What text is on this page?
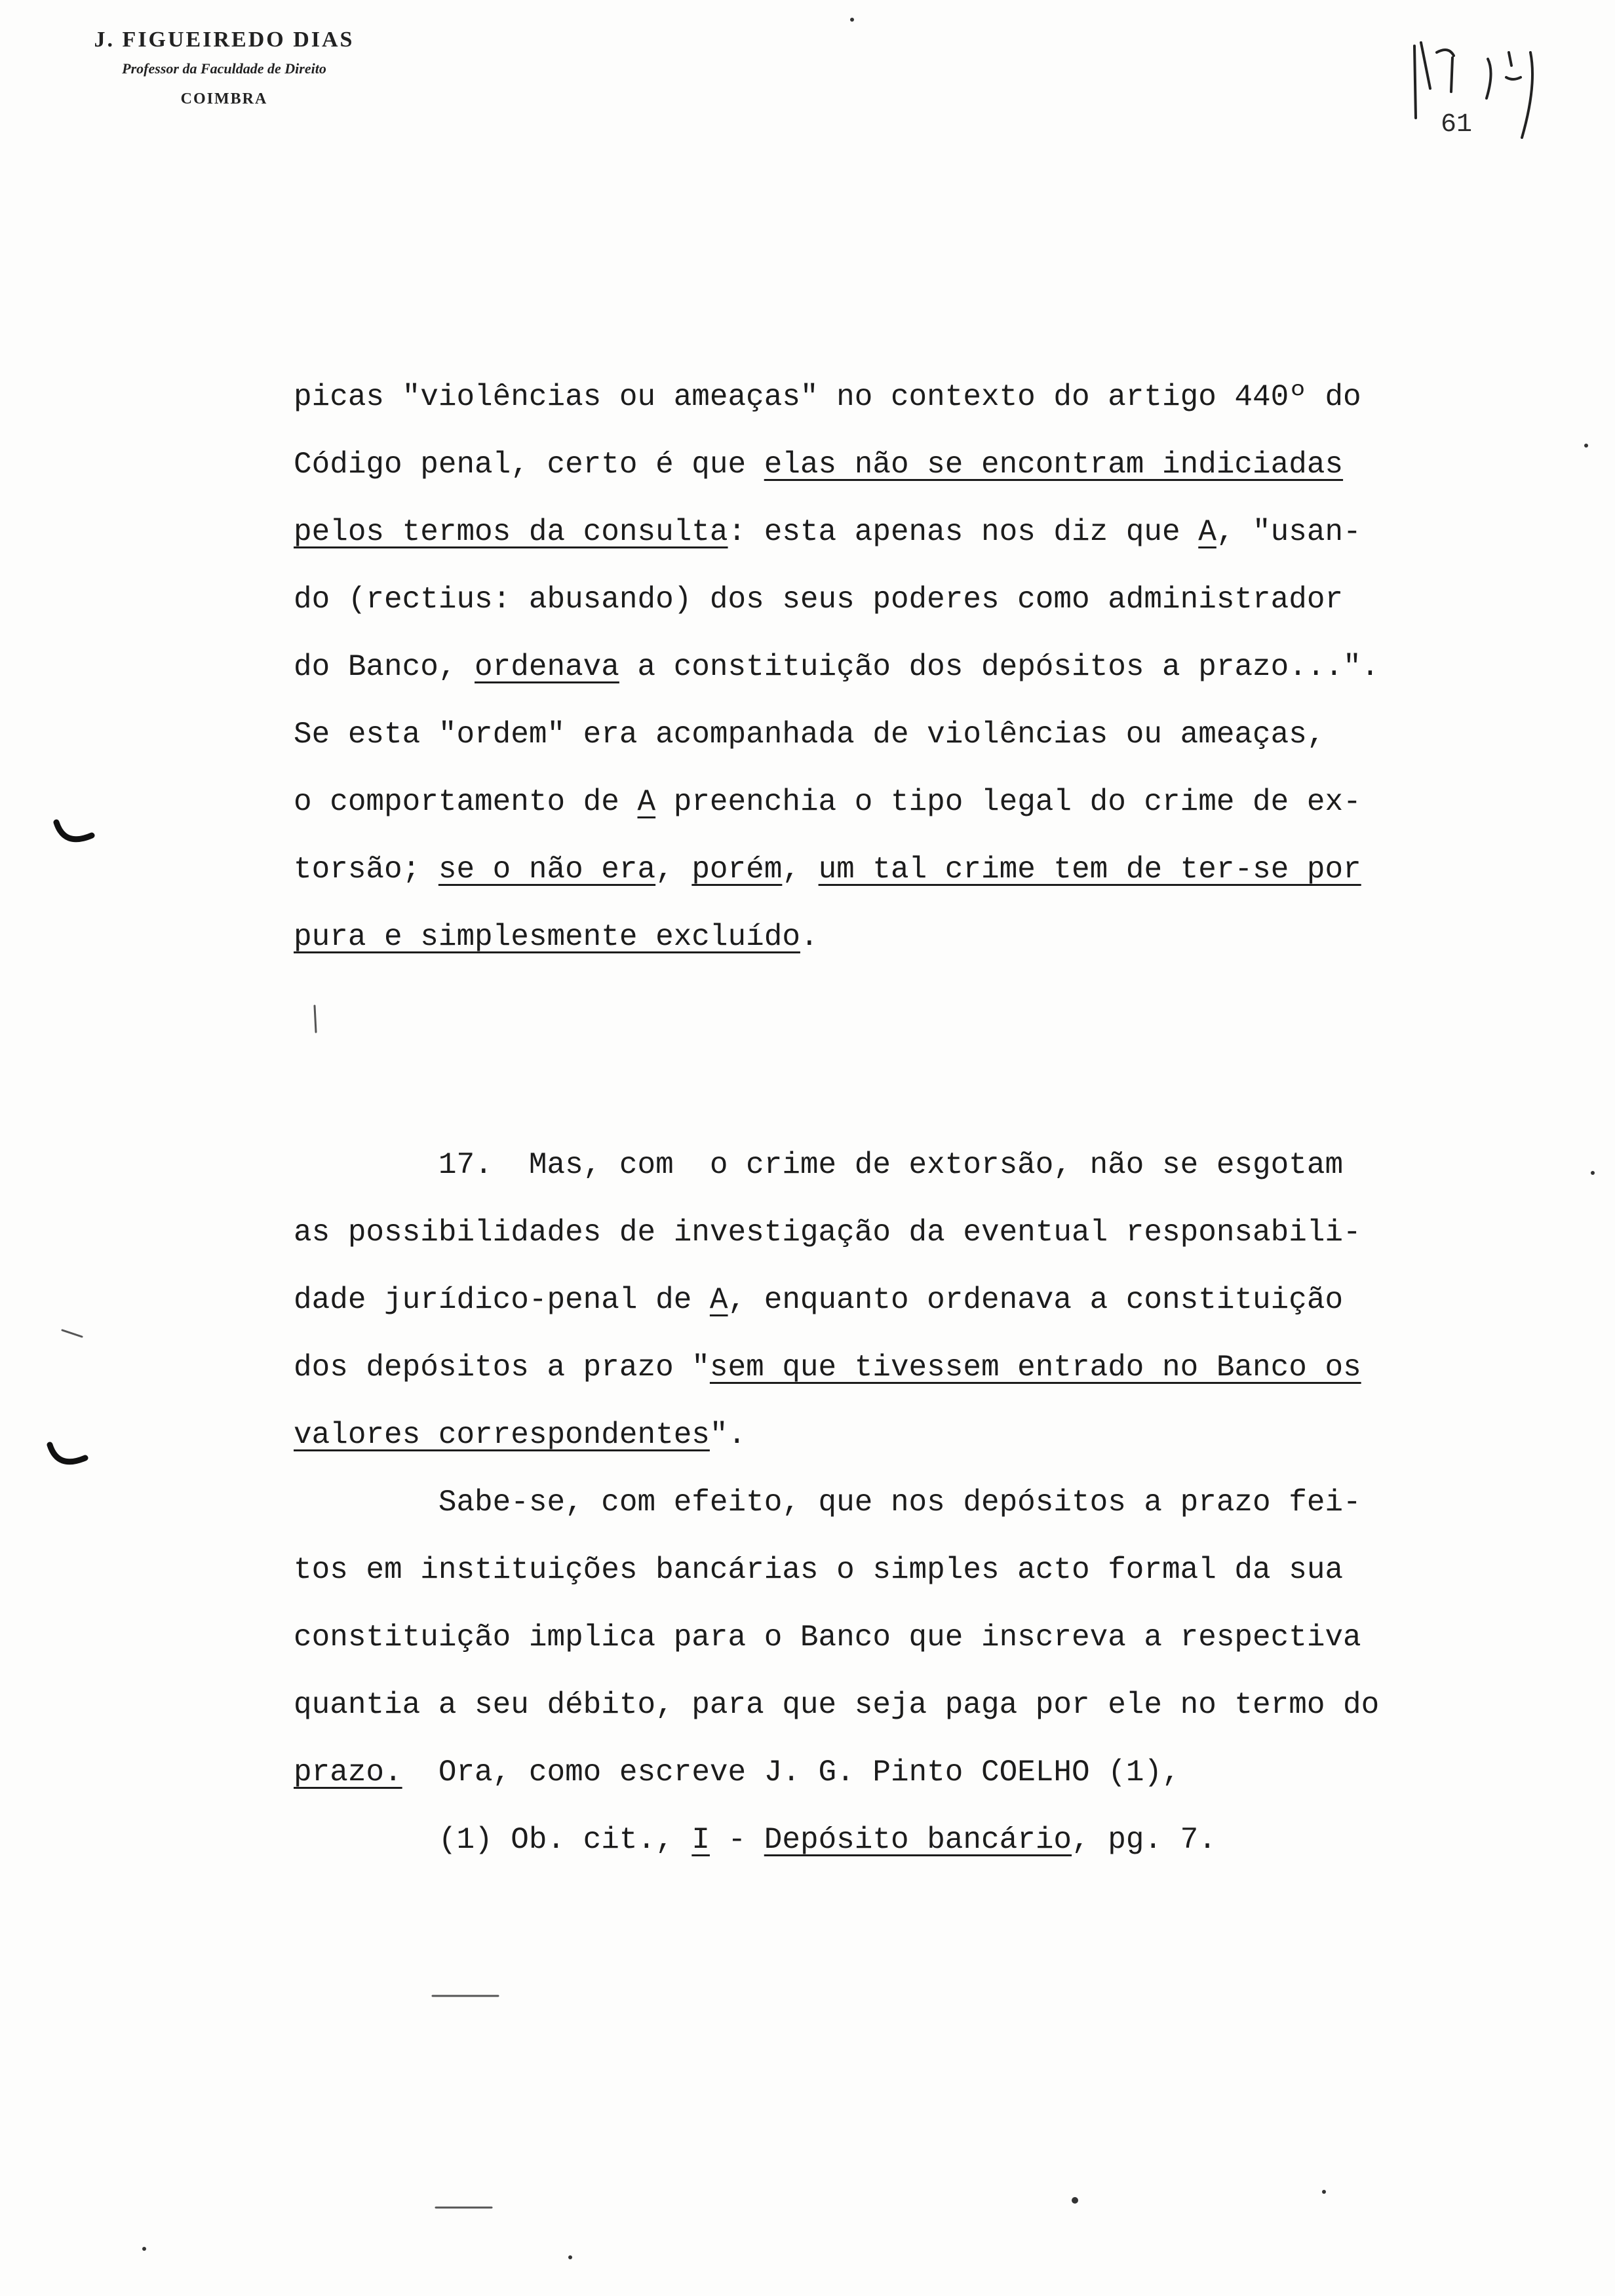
J. FIGUEIREDO DIAS
Professor da Faculdade de Direito
COIMBRA
61
picas "violências ou ameaças" no contexto do artigo 440º do
Código penal, certo é que elas não se encontram indiciadas
pelos termos da consulta: esta apenas nos diz que A, "usan-
do (rectius: abusando) dos seus poderes como administrador
do Banco, ordenava a constituição dos depósitos a prazo...".
Se esta "ordem" era acompanhada de violências ou ameaças,
o comportamento de A preenchia o tipo legal do crime de ex-
torsão; se o não era, porém, um tal crime tem de ter-se por
pura e simplesmente excluído.
17.  Mas, com  o crime de extorsão, não se esgotam
as possibilidades de investigação da eventual responsabili-
dade jurídico-penal de A, enquanto ordenava a constituição
dos depósitos a prazo "sem que tivessem entrado no Banco os
valores correspondentes".
Sabe-se, com efeito, que nos depósitos a prazo fei-
tos em instituições bancárias o simples acto formal da sua
constituição implica para o Banco que inscreva a respectiva
quantia a seu débito, para que seja paga por ele no termo do
prazo.  Ora, como escreve J. G. Pinto COELHO (1),
(1) Ob. cit., I - Depósito bancário, pg. 7.
